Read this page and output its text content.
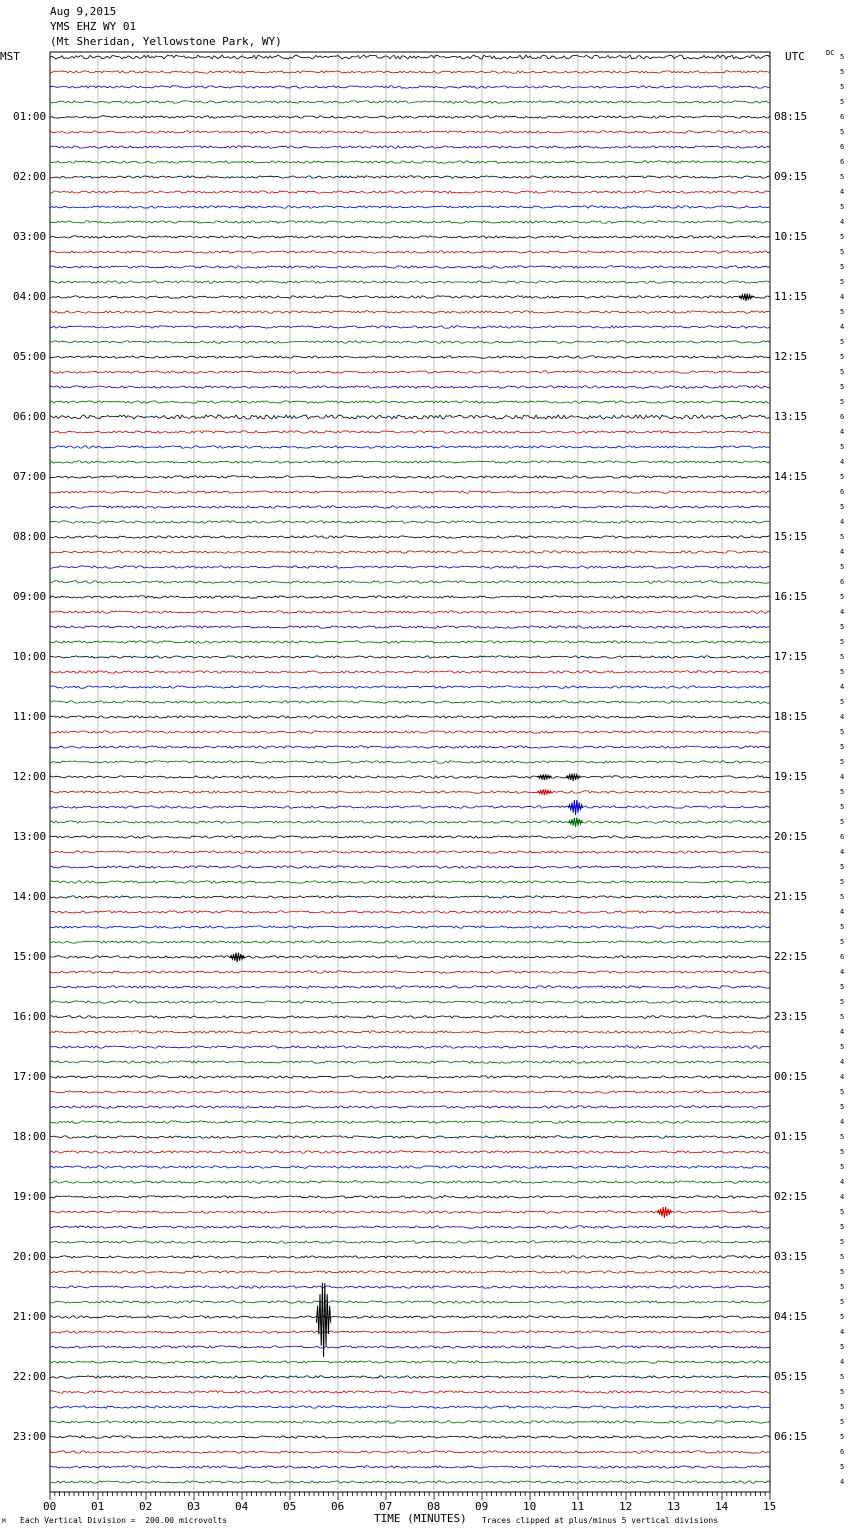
Aug 9,2015
YMS EHZ WY 01
(Mt Sheridan, Yellowstone Park, WY)
MST	UTC	DC
01:00
02:00
03:00
04:00
05:00
06:00
07:00
08:00
09:00
10:00
11:00
12:00
13:00
14:00
15:00
16:00
17:00
18:00
19:00
20:00
21:00
22:00
23:00
08:15
09:15
10:15
11:15
12:15
13:15
14:15
15:15
16:15
17:15
18:15
19:15
20:15
21:15
22:15
23:15
00:15
01:15
02:15
03:15
04:15
05:15
06:15
5
5
5
5
6
5
6
6
5
4
5
4
5
5
5
5
4
5
4
5
5
5
5
5
6
4
5
4
5
6
5
4
5
4
5
6
5
4
5
5
5
5
4
5
4
5
5
5
4
5
5
5
6
4
5
5
5
4
5
5
6
4
5
5
5
4
5
4
4
5
5
4
5
5
5
4
4
5
5
5
5
5
5
5
5
4
5
4
5
5
5
5
5
6
5
4
00	01	02	03	04	05	06	07	08	09	10	11	12	13	14	15
M Each Vertical Division =  200.00 microvolts	TIME (MINUTES) Traces clipped at plus/minus 5 vertical divisions
